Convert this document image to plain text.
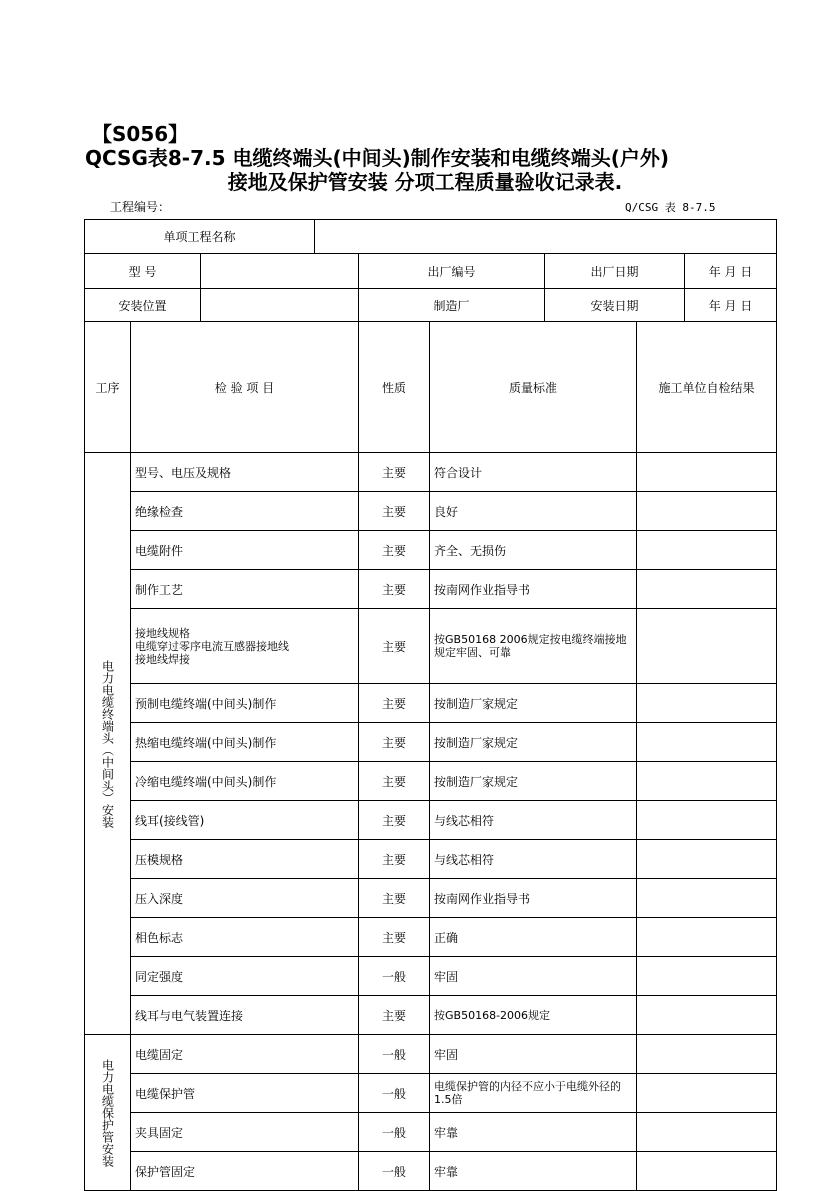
【S056】
QCSG表8-7.5 电缆终端头(中间头)制作安装和电缆终端头(户外)
接地及保护管安装 分项工程质量验收记录表.
工程编号：	Q/CSG 表 8-7.5
单项工程名称									
型 号				出厂编号		出厂日期		年 月 日	
安装位置				制造厂		安装日期		年 月 日	
工序	检 验 项 目			性质	质量标准		施工单位自检结果	

电力电缆终端头（中间头）安装	型号、电压及规格			主要	符合设计				
	绝缘检查			主要	良好				
	电缆附件			主要	齐全、无损伤				
	制作工艺			主要	按南网作业指导书				
	接地线规格
电缆穿过零序电流互感器接地线
接地线焊接			主要	按GB50168 2006规定按电缆终端接地规定牢固、可靠				
	预制电缆终端(中间头)制作			主要	按制造厂家规定				
	热缩电缆终端(中间头)制作			主要	按制造厂家规定				
	冷缩电缆终端(中间头)制作			主要	按制造厂家规定				
	线耳(接线管)			主要	与线芯相符				
	压模规格			主要	与线芯相符				
	压入深度			主要	按南网作业指导书				
	相色标志			主要	正确				
	同定强度			一般	牢固				
	线耳与电气装置连接			主要	按GB50168-2006规定				

电力电缆保护管安装	电缆固定			一般	牢固				
	电缆保护管			一般	电缆保护管的内径不应小于电缆外径的1.5倍				
	夹具固定			一般	牢靠				
	保护管固定			一般	牢靠				
